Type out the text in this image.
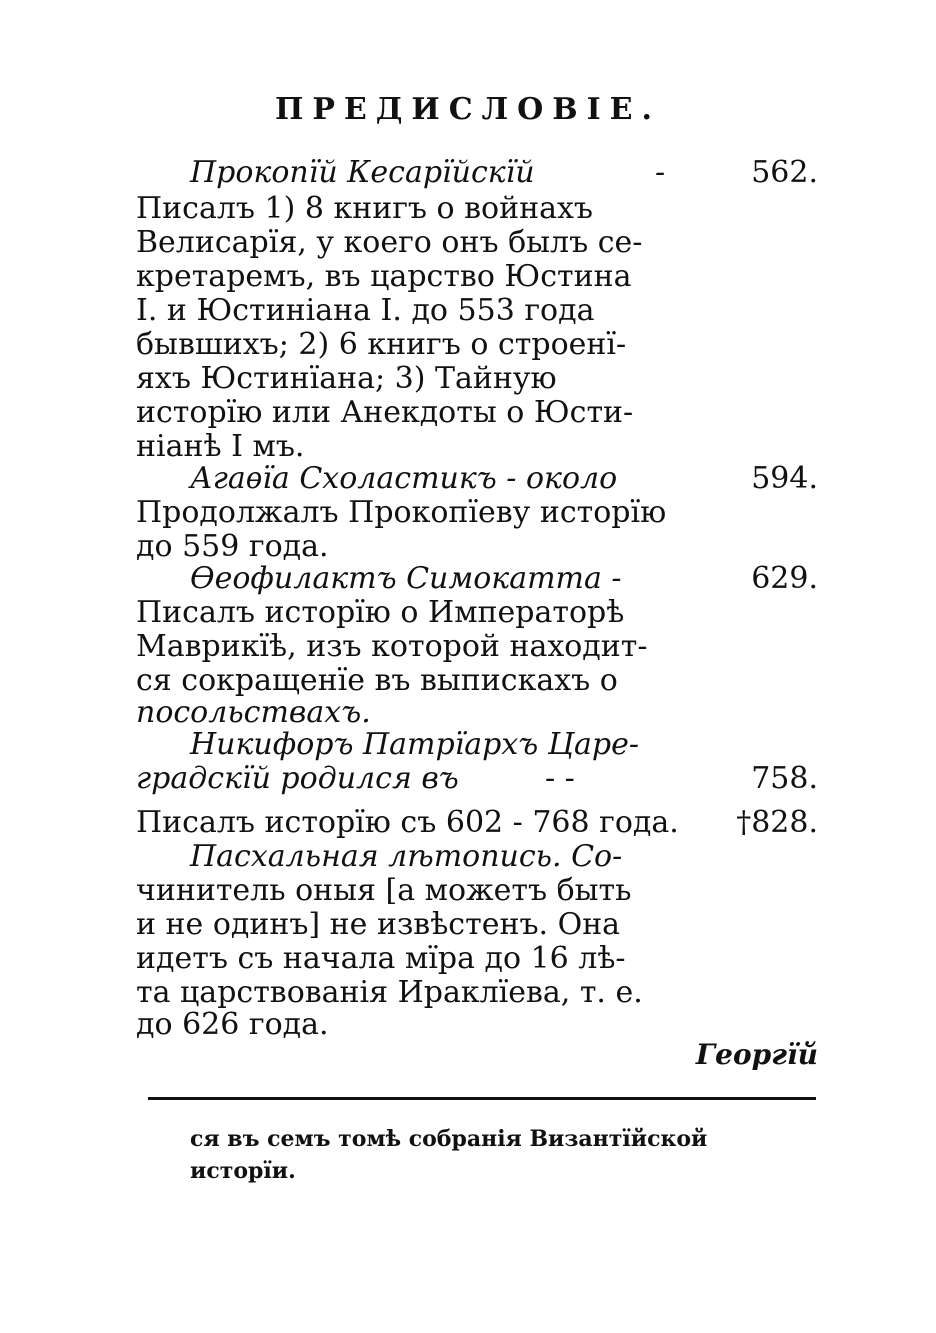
ПРЕДИСЛОВІЕ.
Прокопїй Кесарїйскїй	-	562.
Писалъ 1) 8 книгъ о войнахъ
Велисарїя, у коего онъ былъ се-
кретаремъ, въ царство Юстина
I. и Юстиніана I. до 553 года
бывшихъ; 2) 6 книгъ о строенї-
яхъ Юстинїана; 3) Тайную
исторїю или Анекдоты о Юсти-
ніанѣ I мъ.
Агаѳїа Схоластикъ - около	594.
Продолжалъ Прокопїеву исторїю
до 559 года.
Ѳеофилактъ Симокатта -	629.
Писалъ исторїю о Императорѣ
Маврикїѣ, изъ которой находит-
ся сокращенїе въ выпискахъ о
посольствахъ.
Никифоръ Патрїархъ Царе-
градскїй родился въ	- -	758.
Писалъ исторїю съ 602 - 768 года.	†828.
Пасхальная лѣтопись. Со-
чинитель оныя [а можетъ быть
и не одинъ] не извѣстенъ. Она
идетъ съ начала мїра до 16 лѣ-
та царствованія Ираклїева, т. е.
до 626 года.
Георгїй
ся въ семъ томѣ собранія Византїйской
исторїи.
